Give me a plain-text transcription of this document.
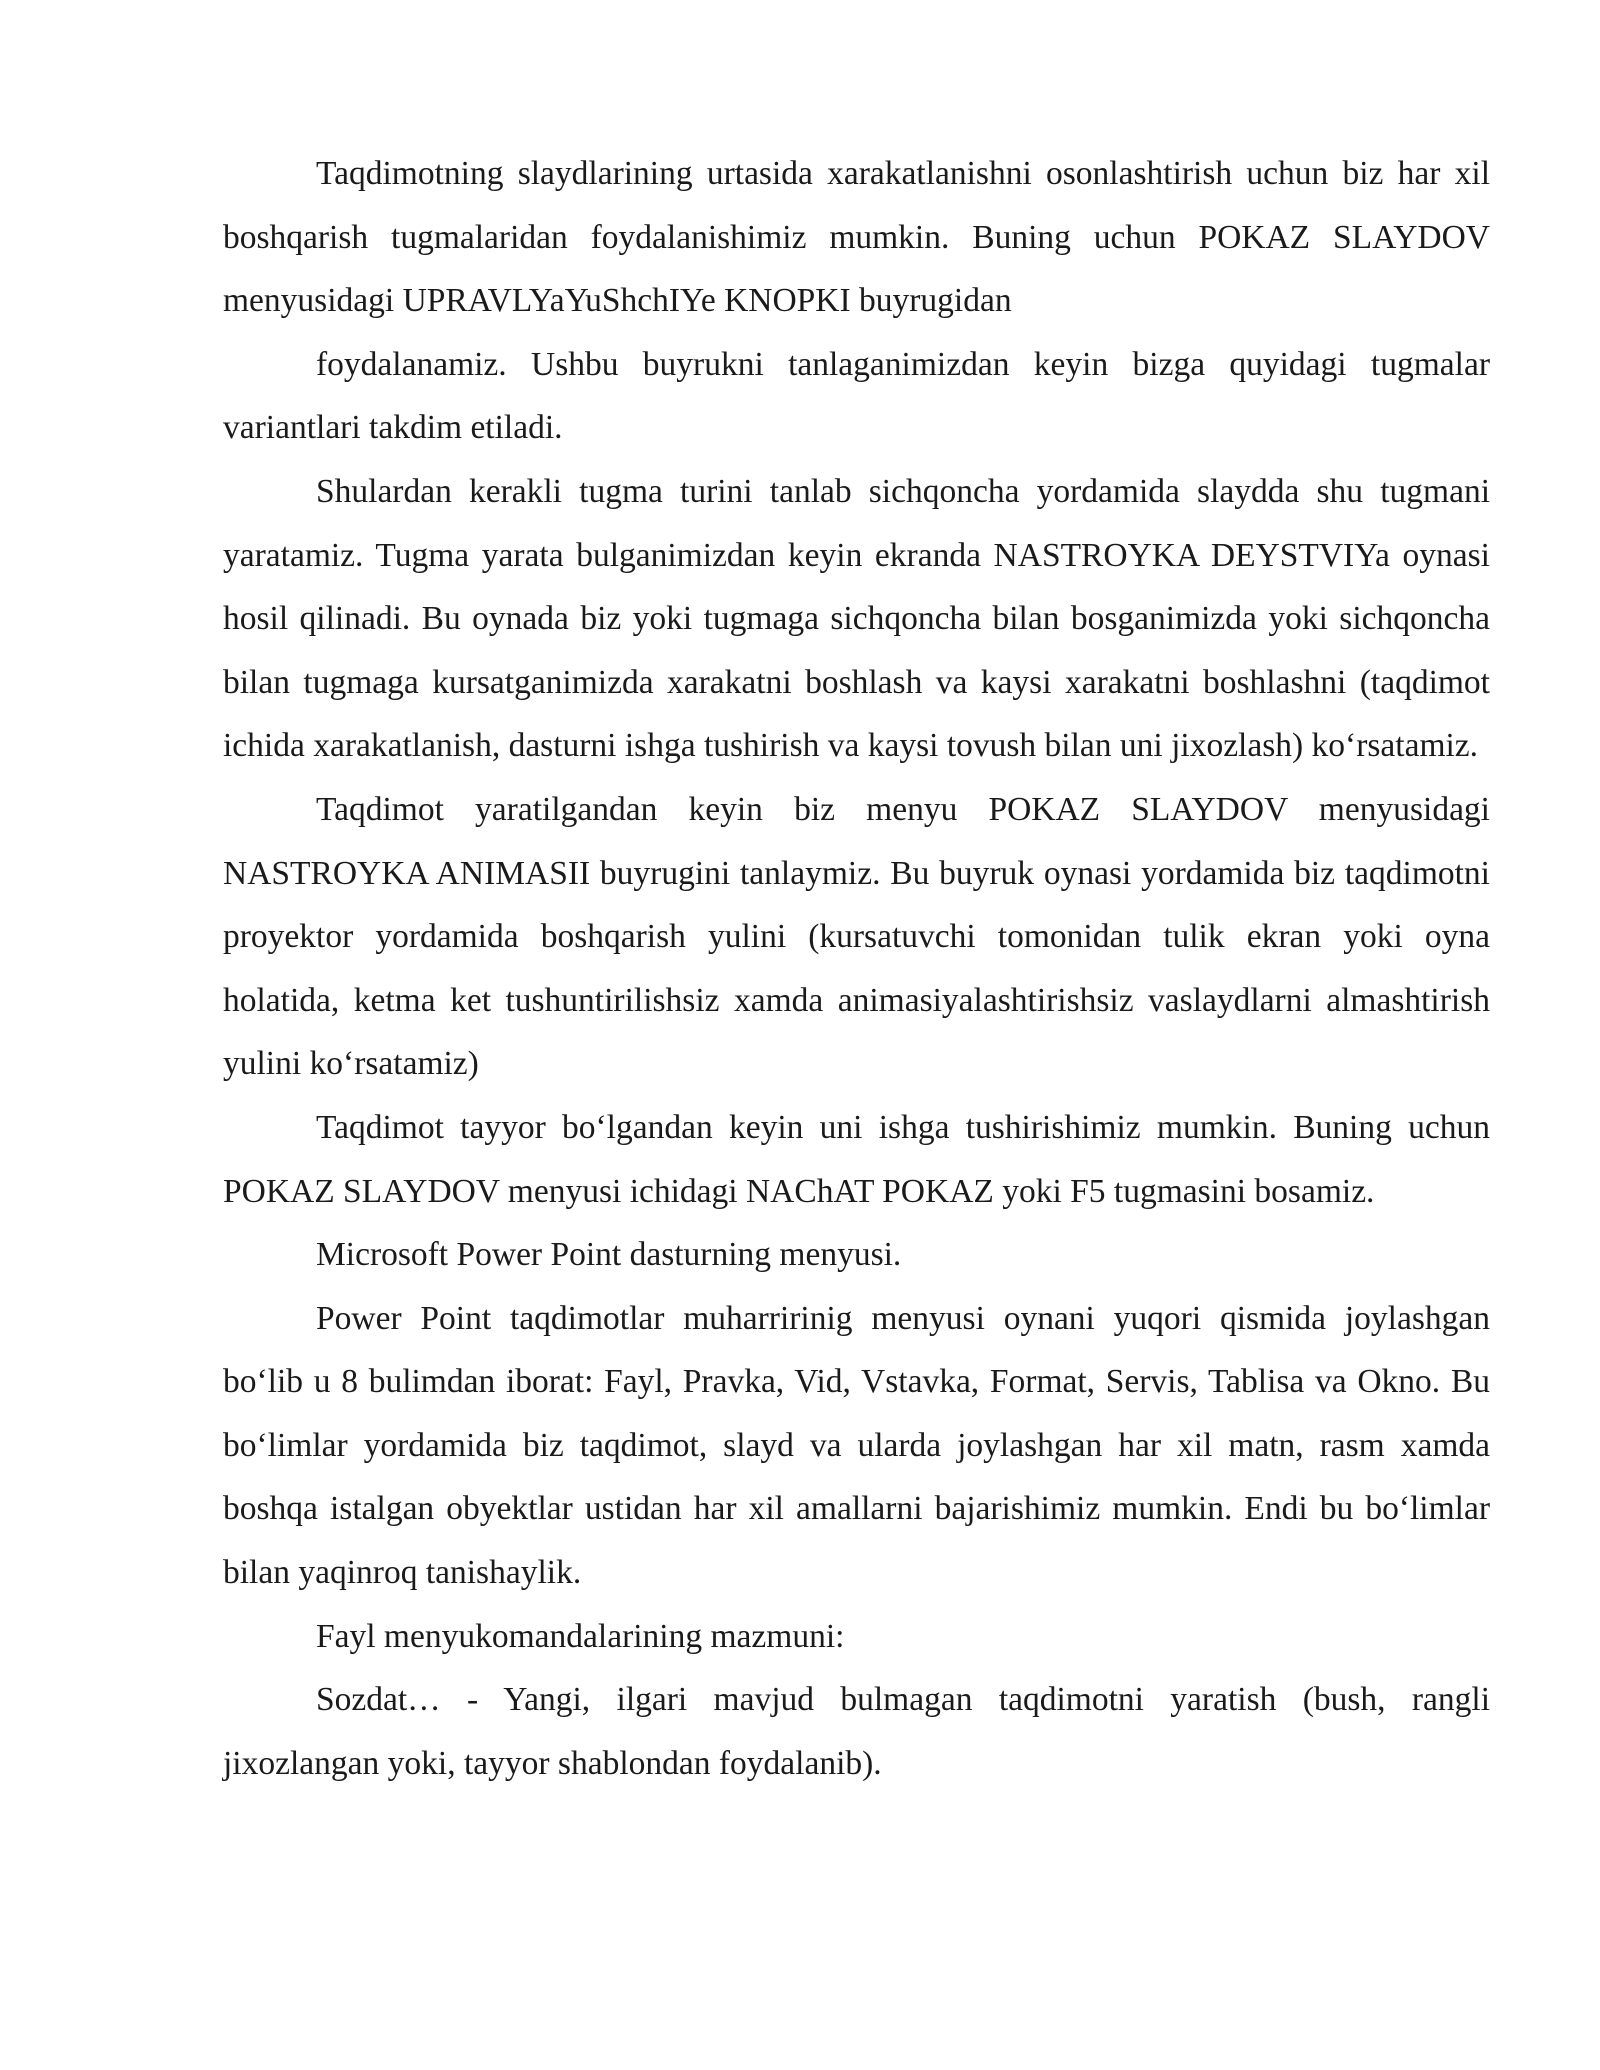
Taqdimotning slaydlarining urtasida xarakatlanishni osonlashtirish uchun biz har xil boshqarish tugmalaridan foydalanishimiz mumkin. Buning uchun POKAZ SLAYDOV menyusidagi UPRAVLYaYuShchIYe KNOPKI buyrugidan

foydalanamiz. Ushbu buyrukni tanlaganimizdan keyin bizga quyidagi tugmalar variantlari takdim etiladi.

Shulardan kerakli tugma turini tanlab sichqoncha yordamida slaydda shu tugmani yaratamiz. Tugma yarata bulganimizdan keyin ekranda NASTROYKA DEYSTVIYa oynasi hosil qilinadi. Bu oynada biz yoki tugmaga sichqoncha bilan bosganimizda yoki sichqoncha bilan tugmaga kursatganimizda xarakatni boshlash va kaysi xarakatni boshlashni (taqdimot ichida xarakatlanish, dasturni ishga tushirish va kaysi tovush bilan uni jixozlash) koʻrsatamiz.

Taqdimot yaratilgandan keyin biz menyu POKAZ SLAYDOV menyusidagi NASTROYKA ANIMASII buyrugini tanlaymiz. Bu buyruk oynasi yordamida biz taqdimotni proyektor yordamida boshqarish yulini (kursatuvchi tomonidan tulik ekran yoki oyna holatida, ketma ket tushuntirilishsiz xamda animasiyalashtirishsiz vaslaydlarni almashtirish yulini koʻrsatamiz)

Taqdimot tayyor boʻlgandan keyin uni ishga tushirishimiz mumkin. Buning uchun POKAZ SLAYDOV menyusi ichidagi NAChAT POKAZ yoki F5 tugmasini bosamiz.

Microsoft Power Point dasturning menyusi.

Power Point taqdimotlar muharririnig menyusi oynani yuqori qismida joylashgan boʻlib u 8 bulimdan iborat: Fayl, Pravka, Vid, Vstavka, Format, Servis, Tablisa va Okno. Bu boʻlimlar yordamida biz taqdimot, slayd va ularda joylashgan har xil matn, rasm xamda boshqa istalgan obyektlar ustidan har xil amallarni bajarishimiz mumkin. Endi bu boʻlimlar bilan yaqinroq tanishaylik.

Fayl menyukomandalarining mazmuni:

Sozdat… - Yangi, ilgari mavjud bulmagan taqdimotni yaratish (bush, rangli jixozlangan yoki, tayyor shablondan foydalanib).
